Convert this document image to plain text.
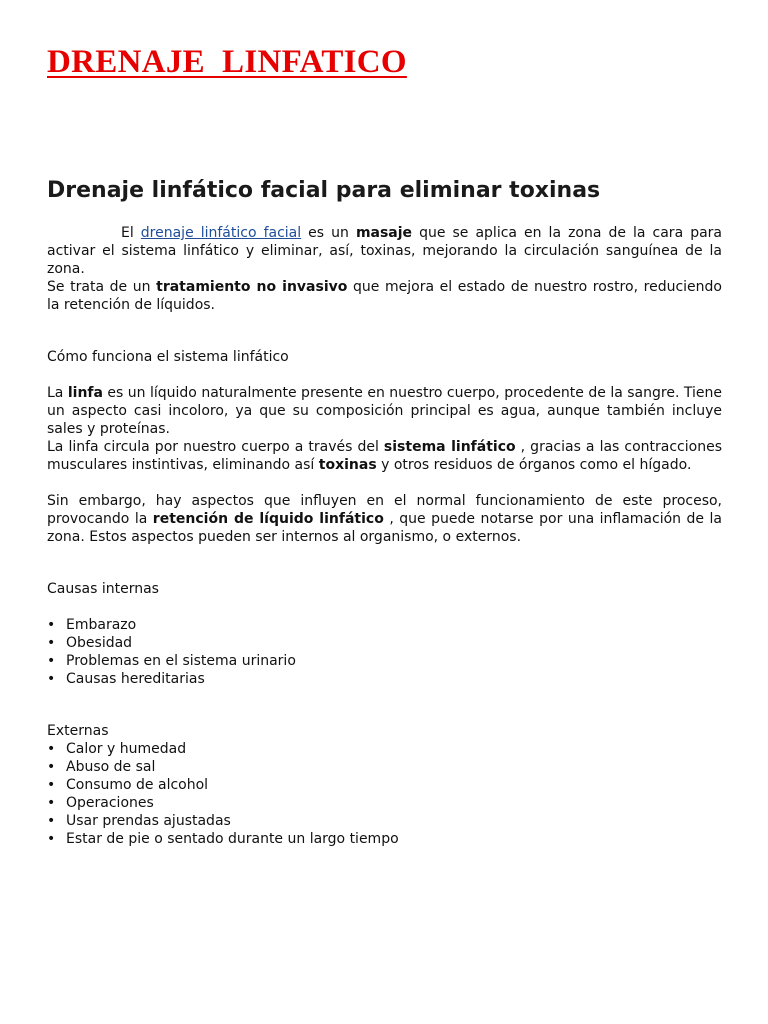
DRENAJE  LINFATICO
Drenaje linfático facial para eliminar toxinas

El drenaje linfático facial es un masaje que se aplica en la zona de la cara para activar el sistema linfático y eliminar, así, toxinas, mejorando la circulación sanguínea de la zona.

Se trata de un tratamiento no invasivo que mejora el estado de nuestro rostro, reduciendo la retención de líquidos.

Cómo funciona el sistema linfático

La linfa es un líquido naturalmente presente en nuestro cuerpo, procedente de la sangre. Tiene un aspecto casi incoloro, ya que su composición principal es agua, aunque también incluye sales y proteínas.

La linfa circula por nuestro cuerpo a través del sistema linfático , gracias a las contracciones musculares instintivas, eliminando así toxinas y otros residuos de órganos como el hígado.

Sin embargo, hay aspectos que influyen en el normal funcionamiento de este proceso, provocando la retención de líquido linfático , que puede notarse por una inflamación de la zona. Estos aspectos pueden ser internos al organismo, o externos.

Causas internas

• Embarazo
• Obesidad
• Problemas en el sistema urinario
• Causas hereditarias

Externas

• Calor y humedad
• Abuso de sal
• Consumo de alcohol
• Operaciones
• Usar prendas ajustadas
• Estar de pie o sentado durante un largo tiempo
